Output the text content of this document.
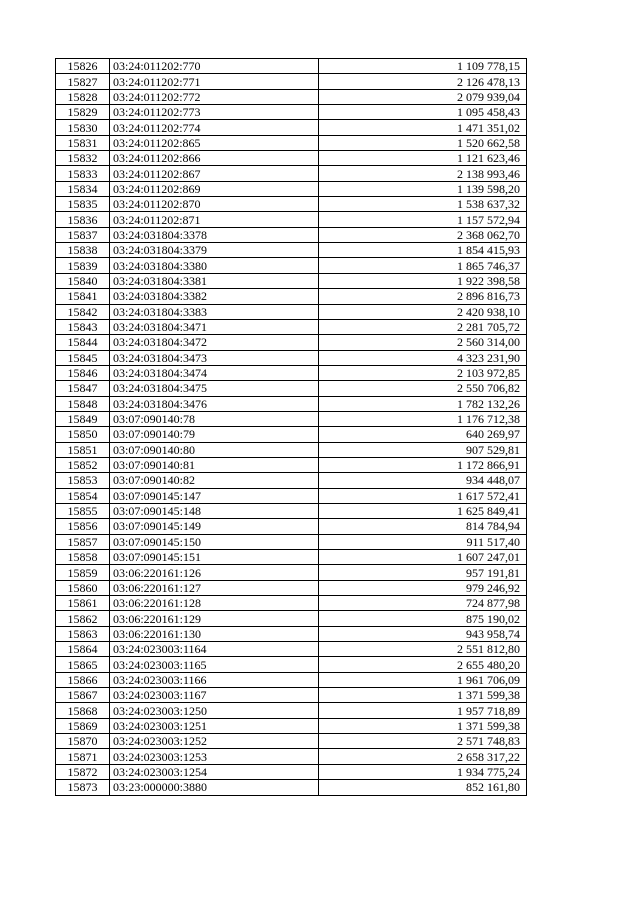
15826	03:24:011202:770	1 109 778,15
15827	03:24:011202:771	2 126 478,13
15828	03:24:011202:772	2 079 939,04
15829	03:24:011202:773	1 095 458,43
15830	03:24:011202:774	1 471 351,02
15831	03:24:011202:865	1 520 662,58
15832	03:24:011202:866	1 121 623,46
15833	03:24:011202:867	2 138 993,46
15834	03:24:011202:869	1 139 598,20
15835	03:24:011202:870	1 538 637,32
15836	03:24:011202:871	1 157 572,94
15837	03:24:031804:3378	2 368 062,70
15838	03:24:031804:3379	1 854 415,93
15839	03:24:031804:3380	1 865 746,37
15840	03:24:031804:3381	1 922 398,58
15841	03:24:031804:3382	2 896 816,73
15842	03:24:031804:3383	2 420 938,10
15843	03:24:031804:3471	2 281 705,72
15844	03:24:031804:3472	2 560 314,00
15845	03:24:031804:3473	4 323 231,90
15846	03:24:031804:3474	2 103 972,85
15847	03:24:031804:3475	2 550 706,82
15848	03:24:031804:3476	1 782 132,26
15849	03:07:090140:78	1 176 712,38
15850	03:07:090140:79	640 269,97
15851	03:07:090140:80	907 529,81
15852	03:07:090140:81	1 172 866,91
15853	03:07:090140:82	934 448,07
15854	03:07:090145:147	1 617 572,41
15855	03:07:090145:148	1 625 849,41
15856	03:07:090145:149	814 784,94
15857	03:07:090145:150	911 517,40
15858	03:07:090145:151	1 607 247,01
15859	03:06:220161:126	957 191,81
15860	03:06:220161:127	979 246,92
15861	03:06:220161:128	724 877,98
15862	03:06:220161:129	875 190,02
15863	03:06:220161:130	943 958,74
15864	03:24:023003:1164	2 551 812,80
15865	03:24:023003:1165	2 655 480,20
15866	03:24:023003:1166	1 961 706,09
15867	03:24:023003:1167	1 371 599,38
15868	03:24:023003:1250	1 957 718,89
15869	03:24:023003:1251	1 371 599,38
15870	03:24:023003:1252	2 571 748,83
15871	03:24:023003:1253	2 658 317,22
15872	03:24:023003:1254	1 934 775,24
15873	03:23:000000:3880	852 161,80
